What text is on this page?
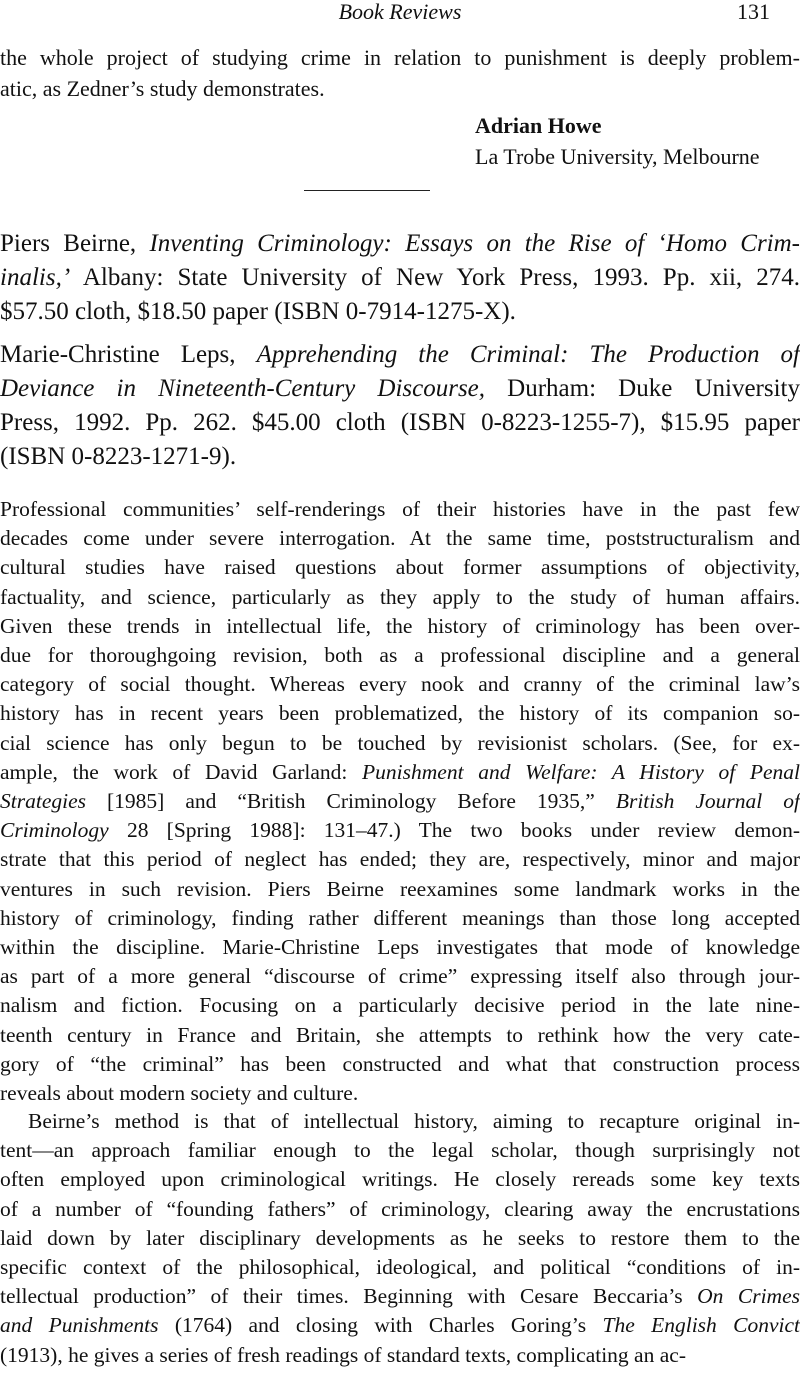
Book Reviews	131
the whole project of studying crime in relation to punishment is deeply problem-
atic, as Zedner’s study demonstrates.
Adrian Howe
La Trobe University, Melbourne
Piers Beirne, Inventing Criminology: Essays on the Rise of ‘Homo Crim-
inalis,’ Albany: State University of New York Press, 1993. Pp. xii, 274.
$57.50 cloth, $18.50 paper (ISBN 0-7914-1275-X).
Marie-Christine Leps, Apprehending the Criminal: The Production of
Deviance in Nineteenth-Century Discourse, Durham: Duke University
Press, 1992. Pp. 262. $45.00 cloth (ISBN 0-8223-1255-7), $15.95 paper
(ISBN 0-8223-1271-9).
Professional communities’ self-renderings of their histories have in the past few
decades come under severe interrogation. At the same time, poststructuralism and
cultural studies have raised questions about former assumptions of objectivity,
factuality, and science, particularly as they apply to the study of human affairs.
Given these trends in intellectual life, the history of criminology has been over-
due for thoroughgoing revision, both as a professional discipline and a general
category of social thought. Whereas every nook and cranny of the criminal law’s
history has in recent years been problematized, the history of its companion so-
cial science has only begun to be touched by revisionist scholars. (See, for ex-
ample, the work of David Garland: Punishment and Welfare: A History of Penal
Strategies [1985] and “British Criminology Before 1935,” British Journal of
Criminology 28 [Spring 1988]: 131–47.) The two books under review demon-
strate that this period of neglect has ended; they are, respectively, minor and major
ventures in such revision. Piers Beirne reexamines some landmark works in the
history of criminology, finding rather different meanings than those long accepted
within the discipline. Marie-Christine Leps investigates that mode of knowledge
as part of a more general “discourse of crime” expressing itself also through jour-
nalism and fiction. Focusing on a particularly decisive period in the late nine-
teenth century in France and Britain, she attempts to rethink how the very cate-
gory of “the criminal” has been constructed and what that construction process
reveals about modern society and culture.
Beirne’s method is that of intellectual history, aiming to recapture original in-
tent—an approach familiar enough to the legal scholar, though surprisingly not
often employed upon criminological writings. He closely rereads some key texts
of a number of “founding fathers” of criminology, clearing away the encrustations
laid down by later disciplinary developments as he seeks to restore them to the
specific context of the philosophical, ideological, and political “conditions of in-
tellectual production” of their times. Beginning with Cesare Beccaria’s On Crimes
and Punishments (1764) and closing with Charles Goring’s The English Convict
(1913), he gives a series of fresh readings of standard texts, complicating an ac-
